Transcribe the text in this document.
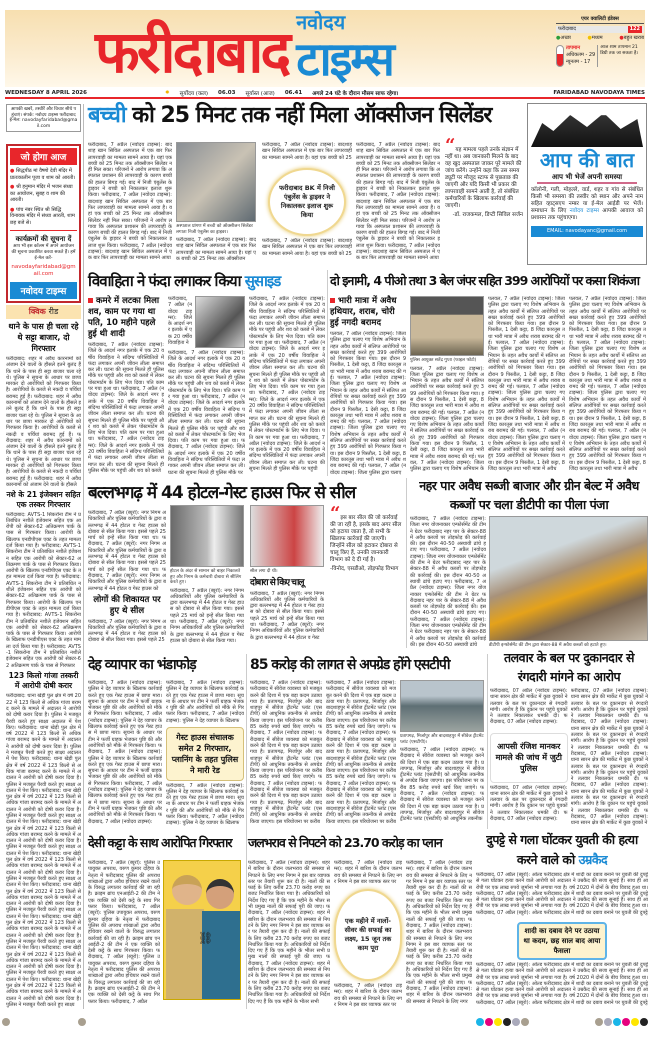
फरीदाबाद नवोदय
टाइम्स
एयर क्वालिटी इंडेक्स
फरीदाबाद	122
●अच्छा	●मध्यम	●बहुत खराब
तापमान
अधिकतम - 29
न्यूनतम - 17
आज शाम तापमान 21 डिग्री तक जा सकता है।
WEDNESDAY 8 APRIL 2026	✹ सूर्योदय (कल) 06.03 सूर्यास्त (आज) 06.41 अगले 24 घंटे के दौरान मौसम साफ रहेगा।	FARIDABAD NAVODAYA TIMES
आपकी खबरें, तस्वीरें और विचार सीधे पहुंचाएं। संपर्क: नवोदय टाइम्स फरीदाबाद
ई-मेल: navodayfaridabad@gmail.com
जो होगा आज
● सिद्धपीठ मां वैष्णो देवी मंदिर में प्रातःकालीन पूजा व शाम को आरती।
● श्री हनुमान मंदिर में भजन संध्या का आयोजन, सुबह व शाम की आरती।
● पांच नंबर स्थित श्री सिद्धि विनायक मंदिर में संध्या आरती, शाम छह बजे से।
कार्यक्रमों की सूचना दें
आप भी इस कॉलम में अपने आयोजन की सूचना प्रकाशित करवा सकते हैं। हमें ई-मेल करें-
navodayfaridabad@gmail.com
नवोदय टाइम्स
क्विक रीड
थाने के पास ही चला रहे थे सट्टा बाजार, दो गिरफ्तार
फरीदाबाद: शहर में अवैध कारनामों को अंजाम देने वालों के हौसले इतने बुलंद हैं कि थाने के पास ही सट्टा बाजार चला रहे थे। पुलिस ने सूचना के आधार पर छापा मारकर दो आरोपियों को गिरफ्तार किया है। आरोपियों के कब्जे से नकदी व पर्चियां बरामद हुई हैं। फरीदाबाद: शहर में अवैध कारनामों को अंजाम देने वालों के हौसले इतने बुलंद हैं कि थाने के पास ही सट्टा बाजार चला रहे थे। पुलिस ने सूचना के आधार पर छापा मारकर दो आरोपियों को गिरफ्तार किया है। आरोपियों के कब्जे से नकदी व पर्चियां बरामद हुई हैं। फरीदाबाद: शहर में अवैध कारनामों को अंजाम देने वालों के हौसले इतने बुलंद हैं कि थाने के पास ही सट्टा बाजार चला रहे थे। पुलिस ने सूचना के आधार पर छापा मारकर दो आरोपियों को गिरफ्तार किया है। आरोपियों के कब्जे से नकदी व पर्चियां बरामद हुई हैं। फरीदाबाद: शहर में अवैध कारनामों को अंजाम देने वालों के हौसले
नशे के 21 इंजेक्शन सहित एक तस्कर गिरफ्तार
फरीदाबाद: AVTS-1 सिकरोना टीम ने प्रतिबंधित नशीले इंजेक्शन सहित एक आरोपी को सेक्टर-62 अतिक्रमण पार्क के पास से गिरफ्तार किया। आरोपी के खिलाफ एनडीपीएस एक्ट के तहत मामला दर्ज किया गया है। फरीदाबाद: AVTS-1 सिकरोना टीम ने प्रतिबंधित नशीले इंजेक्शन सहित एक आरोपी को सेक्टर-62 अतिक्रमण पार्क के पास से गिरफ्तार किया। आरोपी के खिलाफ एनडीपीएस एक्ट के तहत मामला दर्ज किया गया है। फरीदाबाद: AVTS-1 सिकरोना टीम ने प्रतिबंधित नशीले इंजेक्शन सहित एक आरोपी को सेक्टर-62 अतिक्रमण पार्क के पास से गिरफ्तार किया। आरोपी के खिलाफ एनडीपीएस एक्ट के तहत मामला दर्ज किया गया है। फरीदाबाद: AVTS-1 सिकरोना टीम ने प्रतिबंधित नशीले इंजेक्शन सहित एक आरोपी को सेक्टर-62 अतिक्रमण पार्क के पास से गिरफ्तार किया। आरोपी के खिलाफ एनडीपीएस एक्ट के तहत मामला दर्ज किया गया है। फरीदाबाद: AVTS-1 सिकरोना टीम ने प्रतिबंधित नशीले इंजेक्शन सहित एक आरोपी को सेक्टर-62 अतिक्रमण पार्क के पास से गिरफ्तार
123 किलो गांजा तस्करी में आरोपी दोषी करार
फरीदाबाद: थाना खेड़ी पुल क्षेत्र में वर्ष 2022 में 123 किलो से अधिक गांजा बरामद करने के मामले में अदालत ने आरोपी को दोषी करार दिया है। पुलिस ने मजबूत पैरवी करते हुए साक्ष्य अदालत में पेश किए। फरीदाबाद: थाना खेड़ी पुल क्षेत्र में वर्ष 2022 में 123 किलो से अधिक गांजा बरामद करने के मामले में अदालत ने आरोपी को दोषी करार दिया है। पुलिस ने मजबूत पैरवी करते हुए साक्ष्य अदालत में पेश किए। फरीदाबाद: थाना खेड़ी पुल क्षेत्र में वर्ष 2022 में 123 किलो से अधिक गांजा बरामद करने के मामले में अदालत ने आरोपी को दोषी करार दिया है। पुलिस ने मजबूत पैरवी करते हुए साक्ष्य अदालत में पेश किए। फरीदाबाद: थाना खेड़ी पुल क्षेत्र में वर्ष 2022 में 123 किलो से अधिक गांजा बरामद करने के मामले में अदालत ने आरोपी को दोषी करार दिया है। पुलिस ने मजबूत पैरवी करते हुए साक्ष्य अदालत में पेश किए। फरीदाबाद: थाना खेड़ी पुल क्षेत्र में वर्ष 2022 में 123 किलो से अधिक गांजा बरामद करने के मामले में अदालत ने आरोपी को दोषी करार दिया है। पुलिस ने मजबूत पैरवी करते हुए साक्ष्य अदालत में पेश किए। फरीदाबाद: थाना खेड़ी पुल क्षेत्र में वर्ष 2022 में 123 किलो से अधिक गांजा बरामद करने के मामले में अदालत ने आरोपी को दोषी करार दिया है। पुलिस ने मजबूत पैरवी करते हुए साक्ष्य अदालत में पेश किए। फरीदाबाद: थाना खेड़ी पुल क्षेत्र में वर्ष 2022 में 123 किलो से अधिक गांजा बरामद करने के मामले में अदालत ने आरोपी को दोषी करार दिया है। पुलिस ने मजबूत पैरवी करते हुए साक्ष्य अदालत में पेश किए। फरीदाबाद: थाना खेड़ी पुल क्षेत्र में वर्ष 2022 में 123 किलो से अधिक गांजा बरामद करने के मामले में अदालत ने आरोपी को दोषी करार दिया है। पुलिस ने मजबूत पैरवी करते हुए साक्ष्य अदालत में पेश किए। फरीदाबाद: थाना खेड़ी पुल क्षेत्र में वर्ष 2022 में 123 किलो से अधिक गांजा बरामद करने के मामले में अदालत ने आरोपी को दोषी करार दिया है। पुलिस ने मजबूत पैरवी करते हुए साक्ष्य अदालत में पेश किए। फरीदाबाद: थाना खेड़ी पुल क्षेत्र में वर्ष 2022 में 123 किलो से अधिक गांजा बरामद करने के मामले में अदालत ने आरोपी को दोषी करार दिया है। पुलिस ने मजबूत पैरवी करते हुए साक्ष्य
बच्ची को 25 मिनट तक नहीं मिला ऑक्सीजन सिलेंडर
फरीदाबाद, 7 अप्रैल (नवोदय टाइम्स): बादशाह खान सिविल अस्पताल में एक बार फिर लापरवाही का मामला सामने आया है। यहां एक बच्ची को 25 मिनट तक ऑक्सीजन सिलेंडर नहीं मिल सका। परिजनों ने आरोप लगाया कि अस्पताल प्रशासन की लापरवाही के कारण बच्ची की हालत बिगड़ गई। बाद में निजी एंबुलेंस के ड्राइवर ने बच्ची को निकालकर इलाज शुरू किया। फरीदाबाद, 7 अप्रैल (नवोदय टाइम्स): बादशाह खान सिविल अस्पताल में एक बार फिर लापरवाही का मामला सामने आया है। यहां एक बच्ची को 25 मिनट तक ऑक्सीजन सिलेंडर नहीं मिल सका। परिजनों ने आरोप लगाया कि अस्पताल प्रशासन की लापरवाही के कारण बच्ची की हालत बिगड़ गई। बाद में निजी एंबुलेंस के ड्राइवर ने बच्ची को निकालकर इलाज शुरू किया। फरीदाबाद, 7 अप्रैल (नवोदय टाइम्स): बादशाह खान सिविल अस्पताल में एक बार फिर लापरवाही का मामला सामने आया
अस्पताल प्रांगण में बच्ची को ऑक्सीजन सिलेंडर लगाता निजी एंबुलेंस का ड्राइवर।
फरीदाबाद, 7 अप्रैल (नवोदय टाइम्स): बादशाह खान सिविल अस्पताल में एक बार फिर लापरवाही का मामला सामने आया है। यहां एक बच्ची को 25 मिनट तक ऑक्सीजन
फरीदाबाद, 7 अप्रैल (नवोदय टाइम्स): बादशाह खान सिविल अस्पताल में एक बार फिर लापरवाही का मामला सामने आया है। यहां एक बच्ची को 25
फरीदाबाद BK में निजी एंबुलेंस के ड्राइवर ने निकालकर इलाज शुरू किया
फरीदाबाद, 7 अप्रैल (नवोदय टाइम्स): बादशाह खान सिविल अस्पताल में एक बार फिर लापरवाही का मामला सामने आया है। यहां एक बच्ची को 25
फरीदाबाद, 7 अप्रैल (नवोदय टाइम्स): बादशाह खान सिविल अस्पताल में एक बार फिर लापरवाही का मामला सामने आया है। यहां एक बच्ची को 25 मिनट तक ऑक्सीजन सिलेंडर नहीं मिल सका। परिजनों ने आरोप लगाया कि अस्पताल प्रशासन की लापरवाही के कारण बच्ची की हालत बिगड़ गई। बाद में निजी एंबुलेंस के ड्राइवर ने बच्ची को निकालकर इलाज शुरू किया। फरीदाबाद, 7 अप्रैल (नवोदय टाइम्स): बादशाह खान सिविल अस्पताल में एक बार फिर लापरवाही का मामला सामने आया है। यहां एक बच्ची को 25 मिनट तक ऑक्सीजन सिलेंडर नहीं मिल सका। परिजनों ने आरोप लगाया कि अस्पताल प्रशासन की लापरवाही के कारण बच्ची की हालत बिगड़ गई। बाद में निजी एंबुलेंस के ड्राइवर ने बच्ची को निकालकर इलाज शुरू किया। फरीदाबाद, 7 अप्रैल (नवोदय टाइम्स): बादशाह खान सिविल अस्पताल में एक बार फिर लापरवाही का मामला सामने आया
“यह मामला पहले उनके संज्ञान में नहीं था। अब जानकारी मिलने के बाद वह खुद अस्पताल जाकर पूरे मामले की जांच करेंगे। उन्होंने कहा कि उस समय ड्यूटी पर मौजूद स्टाफ से पूछताछ की जाएगी और यदि किसी भी प्रकार की लापरवाही सामने आती है, तो संबंधित कर्मचारियों के खिलाफ कार्रवाई की जाएगी।
-डॉ. राजकमल, डिप्टी सिविल सर्जन
आप की बात
आप भी भेजें अपनी समस्या
कॉलोनी, गली, मोहल्ले, वार्ड, शहर व गांव से संबंधित किसी भी समस्या की तस्वीर को स्थान और अपने नाम सहित व्हाट्सएप नम्बर या ई-मेल आईडी पर भेजें। समाधान के लिए नवोदय टाइम्स आपकी आवाज को प्रशासन तक पहुंचाएगा।
EMAIL: navodayanc@gmail.com
विवाहिता ने फंदा लगाकर किया सुसाइड
कमरे में लटका मिला शव, काम पर गया था पति, 10 महीने पहले हुई थी शादी
फरीदाबाद, 7 अप्रैल (नवोदय टाइम्स): जिले के आदर्श नगर इलाके में एक 20 वर्षीय विवाहिता ने संदिग्ध परिस्थितियों में फंदा लगाकर अपनी जीवन लीला समाप्त कर ली। घटना की सूचना मिलते ही पुलिस मौके पर पहुंची और शव को कब्जे में लेकर पोस्टमार्टम के लिए भेज दिया। पति काम पर गया हुआ था। फरीदाबाद, 7 अप्रैल (नवोदय टाइम्स): जिले के आदर्श नगर इलाके में एक 20 वर्षीय विवाहिता ने संदिग्ध परिस्थितियों में फंदा लगाकर अपनी जीवन लीला समाप्त कर ली। घटना की सूचना मिलते ही पुलिस मौके पर पहुंची और शव को कब्जे में लेकर पोस्टमार्टम के लिए भेज दिया। पति काम पर गया हुआ था। फरीदाबाद, 7 अप्रैल (नवोदय टाइम्स): जिले के आदर्श नगर इलाके में एक 20 वर्षीय विवाहिता ने संदिग्ध परिस्थितियों में फंदा लगाकर अपनी जीवन लीला समाप्त कर ली। घटना की सूचना मिलते ही पुलिस मौके पर पहुंची और शव को कब्जे
फरीदाबाद, 7 अप्रैल (नवोदय टाइम्स): जिले के आदर्श नगर इलाके में एक 20 वर्षीय विवाहिता ने
फरीदाबाद, 7 अप्रैल (नवोदय टाइम्स): जिले के आदर्श नगर इलाके में एक 20 वर्षीय विवाहिता ने संदिग्ध परिस्थितियों में फंदा लगाकर अपनी जीवन लीला समाप्त कर ली। घटना की सूचना मिलते ही पुलिस मौके पर पहुंची और शव को कब्जे में लेकर पोस्टमार्टम के लिए भेज दिया। पति काम पर गया हुआ था। फरीदाबाद, 7 अप्रैल (नवोदय टाइम्स): जिले के आदर्श नगर इलाके में एक 20 वर्षीय विवाहिता ने संदिग्ध परिस्थितियों में फंदा लगाकर अपनी जीवन लीला समाप्त कर ली। घटना की सूचना मिलते ही पुलिस मौके पर पहुंची और शव को कब्जे में लेकर पोस्टमार्टम के लिए भेज दिया। पति काम पर गया हुआ था। फरीदाबाद, 7 अप्रैल (नवोदय टाइम्स): जिले के आदर्श नगर इलाके में एक 20 वर्षीय विवाहिता ने संदिग्ध परिस्थितियों में फंदा लगाकर अपनी जीवन लीला समाप्त कर ली। घटना की सूचना मिलते ही पुलिस मौके पर
फरीदाबाद, 7 अप्रैल (नवोदय टाइम्स): जिले के आदर्श नगर इलाके में एक 20 वर्षीय विवाहिता ने संदिग्ध परिस्थितियों में फंदा लगाकर अपनी जीवन लीला समाप्त कर ली। घटना की सूचना मिलते ही पुलिस मौके पर पहुंची और शव को कब्जे में लेकर पोस्टमार्टम के लिए भेज दिया। पति काम पर गया हुआ था। फरीदाबाद, 7 अप्रैल (नवोदय टाइम्स): जिले के आदर्श नगर इलाके में एक 20 वर्षीय विवाहिता ने संदिग्ध परिस्थितियों में फंदा लगाकर अपनी जीवन लीला समाप्त कर ली। घटना की सूचना मिलते ही पुलिस मौके पर पहुंची और शव को कब्जे में लेकर पोस्टमार्टम के लिए भेज दिया। पति काम पर गया हुआ था। फरीदाबाद, 7 अप्रैल (नवोदय टाइम्स): जिले के आदर्श नगर इलाके में एक 20 वर्षीय विवाहिता ने संदिग्ध परिस्थितियों में फंदा लगाकर अपनी जीवन लीला समाप्त कर ली। घटना की सूचना मिलते ही पुलिस मौके पर पहुंची और शव को कब्जे में लेकर पोस्टमार्टम के लिए भेज दिया। पति काम पर गया हुआ था। फरीदाबाद, 7 अप्रैल (नवोदय टाइम्स): जिले के आदर्श नगर इलाके में एक 20 वर्षीय विवाहिता ने संदिग्ध परिस्थितियों में फंदा लगाकर अपनी जीवन लीला समाप्त कर ली। घटना की सूचना मिलते ही पुलिस मौके पर पहुंची
दो इनामी, 4 पीओ तथा 3 बेल जंपर सहित 399 आरोपियों पर कसा शिकंजा
भारी मात्रा में अवैध हथियार, शराब, चोरी हुई नगदी बरामद
पलवल, 7 अप्रैल (नवोदय टाइम्स): जिला पुलिस द्वारा चलाए गए विशेष अभियान के तहत अवैध कार्यों में संलिप्त आरोपियों पर सख्त कार्रवाई करते हुए 399 आरोपियों को गिरफ्तार किया गया। इस दौरान 9 पिस्तौल, 1 देसी कट्टा, 8 जिंदा कारतूस तथा भारी मात्रा में अवैध शराब बरामद की गई। पलवल, 7 अप्रैल (नवोदय टाइम्स): जिला पुलिस द्वारा चलाए गए विशेष अभियान के तहत अवैध कार्यों में संलिप्त आरोपियों पर सख्त कार्रवाई करते हुए 399 आरोपियों को गिरफ्तार किया गया। इस दौरान 9 पिस्तौल, 1 देसी कट्टा, 8 जिंदा कारतूस तथा भारी मात्रा में अवैध शराब बरामद की गई। पलवल, 7 अप्रैल (नवोदय टाइम्स): जिला पुलिस द्वारा चलाए गए विशेष अभियान के तहत अवैध कार्यों में संलिप्त आरोपियों पर सख्त कार्रवाई करते हुए 399 आरोपियों को गिरफ्तार किया गया। इस दौरान 9 पिस्तौल, 1 देसी कट्टा, 8 जिंदा कारतूस तथा भारी मात्रा में अवैध शराब बरामद की गई। पलवल, 7 अप्रैल (नवोदय टाइम्स): जिला पुलिस द्वारा चलाए
पुलिस आयुक्त सतेंद्र गुप्ता (फाइल फोटो)
पलवल, 7 अप्रैल (नवोदय टाइम्स): जिला पुलिस द्वारा चलाए गए विशेष अभियान के तहत अवैध कार्यों में संलिप्त आरोपियों पर सख्त कार्रवाई करते हुए 399 आरोपियों को गिरफ्तार किया गया। इस दौरान 9 पिस्तौल, 1 देसी कट्टा, 8 जिंदा कारतूस तथा भारी मात्रा में अवैध शराब बरामद की गई। पलवल, 7 अप्रैल (नवोदय टाइम्स): जिला पुलिस द्वारा चलाए गए विशेष अभियान के तहत अवैध कार्यों में संलिप्त आरोपियों पर सख्त कार्रवाई करते हुए 399 आरोपियों को गिरफ्तार किया गया। इस दौरान 9 पिस्तौल, 1 देसी कट्टा, 8 जिंदा कारतूस तथा भारी मात्रा में अवैध शराब बरामद की गई। पलवल, 7 अप्रैल (नवोदय टाइम्स): जिला पुलिस द्वारा चलाए गए विशेष अभियान के
पलवल, 7 अप्रैल (नवोदय टाइम्स): जिला पुलिस द्वारा चलाए गए विशेष अभियान के तहत अवैध कार्यों में संलिप्त आरोपियों पर सख्त कार्रवाई करते हुए 399 आरोपियों को गिरफ्तार किया गया। इस दौरान 9 पिस्तौल, 1 देसी कट्टा, 8 जिंदा कारतूस तथा भारी मात्रा में अवैध शराब बरामद की गई। पलवल, 7 अप्रैल (नवोदय टाइम्स): जिला पुलिस द्वारा चलाए गए विशेष अभियान के तहत अवैध कार्यों में संलिप्त आरोपियों पर सख्त कार्रवाई करते हुए 399 आरोपियों को गिरफ्तार किया गया। इस दौरान 9 पिस्तौल, 1 देसी कट्टा, 8 जिंदा कारतूस तथा भारी मात्रा में अवैध शराब बरामद की गई। पलवल, 7 अप्रैल (नवोदय टाइम्स): जिला पुलिस द्वारा चलाए गए विशेष अभियान के तहत अवैध कार्यों में संलिप्त आरोपियों पर सख्त कार्रवाई करते हुए 399 आरोपियों को गिरफ्तार किया गया। इस दौरान 9 पिस्तौल, 1 देसी कट्टा, 8 जिंदा कारतूस तथा भारी मात्रा में अवैध शराब बरामद की गई। पलवल, 7 अप्रैल (नवोदय टाइम्स): जिला पुलिस द्वारा चलाए गए विशेष अभियान के तहत अवैध कार्यों में संलिप्त आरोपियों पर सख्त कार्रवाई करते हुए 399 आरोपियों को गिरफ्तार किया गया। इस दौरान 9 पिस्तौल, 1 देसी कट्टा, 8 जिंदा कारतूस तथा भारी मात्रा में अवैध
पलवल, 7 अप्रैल (नवोदय टाइम्स): जिला पुलिस द्वारा चलाए गए विशेष अभियान के तहत अवैध कार्यों में संलिप्त आरोपियों पर सख्त कार्रवाई करते हुए 399 आरोपियों को गिरफ्तार किया गया। इस दौरान 9 पिस्तौल, 1 देसी कट्टा, 8 जिंदा कारतूस तथा भारी मात्रा में अवैध शराब बरामद की गई। पलवल, 7 अप्रैल (नवोदय टाइम्स): जिला पुलिस द्वारा चलाए गए विशेष अभियान के तहत अवैध कार्यों में संलिप्त आरोपियों पर सख्त कार्रवाई करते हुए 399 आरोपियों को गिरफ्तार किया गया। इस दौरान 9 पिस्तौल, 1 देसी कट्टा, 8 जिंदा कारतूस तथा भारी मात्रा में अवैध शराब बरामद की गई। पलवल, 7 अप्रैल (नवोदय टाइम्स): जिला पुलिस द्वारा चलाए गए विशेष अभियान के तहत अवैध कार्यों में संलिप्त आरोपियों पर सख्त कार्रवाई करते हुए 399 आरोपियों को गिरफ्तार किया गया। इस दौरान 9 पिस्तौल, 1 देसी कट्टा, 8 जिंदा कारतूस तथा भारी मात्रा में अवैध शराब बरामद की गई। पलवल, 7 अप्रैल (नवोदय टाइम्स): जिला पुलिस द्वारा चलाए गए विशेष अभियान के तहत अवैध कार्यों में संलिप्त आरोपियों पर सख्त कार्रवाई करते हुए 399 आरोपियों को गिरफ्तार किया गया। इस दौरान 9 पिस्तौल, 1 देसी कट्टा, 8 जिंदा कारतूस तथा भारी मात्रा में अवैध
बल्लभगढ़ में 44 होटल-गेस्ट हाउस फिर से सील
फरीदाबाद, 7 अप्रैल (ब्यूरो): नगर निगम अधिकारियों और पुलिस कर्मचारियों के द्वारा बल्लभगढ़ में 44 होटल व गेस्ट हाउस को दोबारा से सील किया गया। इससे पहले 25 मार्च को इन्हें सील किया गया था। फरीदाबाद, 7 अप्रैल (ब्यूरो): नगर निगम अधिकारियों और पुलिस कर्मचारियों के द्वारा बल्लभगढ़ में 44 होटल व गेस्ट हाउस को दोबारा से सील किया गया। इससे पहले 25 मार्च को इन्हें सील किया गया था। फरीदाबाद, 7 अप्रैल (ब्यूरो): नगर निगम अधिकारियों और पुलिस कर्मचारियों के द्वारा बल्लभगढ़ में 44 होटल व गेस्ट हाउस को
लोगों की शिकायत पर हुए थे सील
फरीदाबाद, 7 अप्रैल (ब्यूरो): नगर निगम अधिकारियों और पुलिस कर्मचारियों के द्वारा बल्लभगढ़ में 44 होटल व गेस्ट हाउस को दोबारा से सील किया गया। इससे पहले 25
होटल के अंदर से सामान को बाहर निकालते हुए और निगम के कर्मचारी दोबारा से सीलिंग करते हुए।
फरीदाबाद, 7 अप्रैल (ब्यूरो): नगर निगम अधिकारियों और पुलिस कर्मचारियों के द्वारा बल्लभगढ़ में 44 होटल व गेस्ट हाउस को दोबारा से सील किया गया। इससे पहले 25 मार्च को इन्हें सील किया गया था। फरीदाबाद, 7 अप्रैल (ब्यूरो): नगर निगम अधिकारियों और पुलिस कर्मचारियों के द्वारा बल्लभगढ़ में 44 होटल व गेस्ट हाउस को दोबारा से सील किया गया।
सील लगा दी थी।
दोबारा से किए चालू
फरीदाबाद, 7 अप्रैल (ब्यूरो): नगर निगम अधिकारियों और पुलिस कर्मचारियों के द्वारा बल्लभगढ़ में 44 होटल व गेस्ट हाउस को दोबारा से सील किया गया। इससे पहले 25 मार्च को इन्हें सील किया गया था। फरीदाबाद, 7 अप्रैल (ब्यूरो): नगर निगम अधिकारियों और पुलिस कर्मचारियों के द्वारा बल्लभगढ़ में 44 होटल व गेस्ट
“इस बार सील की जो कार्रवाई की जा रही है, इसके बाद अगर सील को हटाया जाता है, तो सभी के खिलाफ कार्रवाई की जाएगी। जिन्होंने सील को हटाकर दोबारा से चालू किए हैं, उनकी जानकारी विभाग को दे दी गई है।
-विनोद, एसडीओ, तोड़फोड़ विभाग
नहर पार अवैध सब्जी बाजार और ग्रीन बेल्ट में अवैध कब्जों पर चला डीटीपी का पीला पंजा
फरीदाबाद, 7 अप्रैल (नवोदय टाइम्स): जिला नगर योजनाकार एन्फोर्समेंट की टीम ने ग्रेटर फरीदाबाद नहर पार के सेक्टर-88 में अवैध कब्जों पर तोड़फोड़ की कार्रवाई की। इस दौरान 40-50 अस्थायी ढांचे हटाए गए। फरीदाबाद, 7 अप्रैल (नवोदय टाइम्स): जिला नगर योजनाकार एन्फोर्समेंट की टीम ने ग्रेटर फरीदाबाद नहर पार के सेक्टर-88 में अवैध कब्जों पर तोड़फोड़ की कार्रवाई की। इस दौरान 40-50 अस्थायी ढांचे हटाए गए। फरीदाबाद, 7 अप्रैल (नवोदय टाइम्स): जिला नगर योजनाकार एन्फोर्समेंट की टीम ने ग्रेटर फरीदाबाद नहर पार के सेक्टर-88 में अवैध कब्जों पर तोड़फोड़ की कार्रवाई की। इस दौरान 40-50 अस्थायी ढांचे हटाए गए। फरीदाबाद, 7 अप्रैल (नवोदय टाइम्स): जिला नगर योजनाकार एन्फोर्समेंट की टीम ने ग्रेटर फरीदाबाद नहर पार के सेक्टर-88 में अवैध कब्जों पर तोड़फोड़ की कार्रवाई की। इस दौरान 40-50 अस्थायी ढांचे	डीटीपी इन्फोर्समेंट की टीम द्वारा सेक्टर-88 में अवैध कब्जों को हटाते हुए।
देह व्यापार का भंडाफोड़
फरीदाबाद, 7 अप्रैल (नवोदय टाइम्स): पुलिस ने देह व्यापार के खिलाफ कार्रवाई करते हुए एक गेस्ट हाउस में छापा मारा। सूचना के आधार पर टीम ने फर्जी ग्राहक भेजकर पुष्टि की और आरोपियों को मौके से गिरफ्तार किया। फरीदाबाद, 7 अप्रैल (नवोदय टाइम्स): पुलिस ने देह व्यापार के खिलाफ कार्रवाई करते हुए एक गेस्ट हाउस में छापा मारा। सूचना के आधार पर टीम ने फर्जी ग्राहक भेजकर पुष्टि की और आरोपियों को मौके से गिरफ्तार किया। फरीदाबाद, 7 अप्रैल (नवोदय टाइम्स): पुलिस ने देह व्यापार के खिलाफ कार्रवाई करते हुए एक गेस्ट हाउस में छापा मारा। सूचना के आधार पर टीम ने फर्जी ग्राहक भेजकर पुष्टि की और आरोपियों को मौके से गिरफ्तार किया। फरीदाबाद, 7 अप्रैल (नवोदय टाइम्स): पुलिस ने देह व्यापार के खिलाफ कार्रवाई करते हुए एक गेस्ट हाउस में छापा मारा। सूचना के आधार पर टीम ने फर्जी ग्राहक भेजकर पुष्टि की और आरोपियों को मौके से गिरफ्तार किया। फरीदाबाद, 7 अप्रैल (नवोदय टाइम्स):
फरीदाबाद, 7 अप्रैल (नवोदय टाइम्स): पुलिस ने देह व्यापार के खिलाफ कार्रवाई करते हुए एक गेस्ट हाउस में छापा मारा। सूचना के आधार पर टीम ने फर्जी ग्राहक भेजकर पुष्टि की और आरोपियों को मौके से गिरफ्तार किया। फरीदाबाद, 7 अप्रैल (नवोदय टाइम्स): पुलिस ने देह व्यापार के खिलाफ
गेस्ट हाउस संचालक समेत 2 गिरफ्तार, प्लानिंग के तहत पुलिस ने मारी रेड
फरीदाबाद, 7 अप्रैल (नवोदय टाइम्स): पुलिस ने देह व्यापार के खिलाफ कार्रवाई करते हुए एक गेस्ट हाउस में छापा मारा। सूचना के आधार पर टीम ने फर्जी ग्राहक भेजकर पुष्टि की और आरोपियों को मौके से गिरफ्तार किया। फरीदाबाद, 7 अप्रैल (नवोदय टाइम्स): पुलिस ने देह व्यापार के खिलाफ
85 करोड़ की लागत से अपग्रेड होंगे एसटीपी
फरीदाबाद, 7 अप्रैल (नवोदय टाइम्स): फरीदाबाद में सीवेज व्यवस्था को मजबूत करने की दिशा में एक बड़ा कदम उठाया गया है। प्रतापगढ़, मिर्जापुर और बादशाहपुर में सीवेज ट्रीटमेंट प्लांट (एसटीपी) को आधुनिक तकनीक से अपग्रेड किया जाएगा। इस परियोजना पर करीब 85 करोड़ रुपये खर्च किए जाएंगे। फरीदाबाद, 7 अप्रैल (नवोदय टाइम्स): फरीदाबाद में सीवेज व्यवस्था को मजबूत करने की दिशा में एक बड़ा कदम उठाया गया है। प्रतापगढ़, मिर्जापुर और बादशाहपुर में सीवेज ट्रीटमेंट प्लांट (एसटीपी) को आधुनिक तकनीक से अपग्रेड किया जाएगा। इस परियोजना पर करीब 85 करोड़ रुपये खर्च किए जाएंगे। फरीदाबाद, 7 अप्रैल (नवोदय टाइम्स): फरीदाबाद में सीवेज व्यवस्था को मजबूत करने की दिशा में एक बड़ा कदम उठाया गया है। प्रतापगढ़, मिर्जापुर और बादशाहपुर में सीवेज ट्रीटमेंट प्लांट (एसटीपी) को आधुनिक तकनीक से अपग्रेड किया जाएगा। इस परियोजना पर करीब
फरीदाबाद, 7 अप्रैल (नवोदय टाइम्स): फरीदाबाद में सीवेज व्यवस्था को मजबूत करने की दिशा में एक बड़ा कदम उठाया गया है। प्रतापगढ़, मिर्जापुर और बादशाहपुर में सीवेज ट्रीटमेंट प्लांट (एसटीपी) को आधुनिक तकनीक से अपग्रेड किया जाएगा। इस परियोजना पर करीब 85 करोड़ रुपये खर्च किए जाएंगे। फरीदाबाद, 7 अप्रैल (नवोदय टाइम्स): फरीदाबाद में सीवेज व्यवस्था को मजबूत करने की दिशा में एक बड़ा कदम उठाया गया है। प्रतापगढ़, मिर्जापुर और बादशाहपुर में सीवेज ट्रीटमेंट प्लांट (एसटीपी) को आधुनिक तकनीक से अपग्रेड किया जाएगा। इस परियोजना पर करीब 85 करोड़ रुपये खर्च किए जाएंगे। फरीदाबाद, 7 अप्रैल (नवोदय टाइम्स): फरीदाबाद में सीवेज व्यवस्था को मजबूत करने की दिशा में एक बड़ा कदम उठाया गया है। प्रतापगढ़, मिर्जापुर और बादशाहपुर में सीवेज ट्रीटमेंट प्लांट (एसटीपी) को आधुनिक तकनीक से अपग्रेड किया जाएगा। इस परियोजना पर करीब
प्रतापगढ़, मिर्जापुर और बादशाहपुर में सीवेज ट्रीटमेंट प्लांट (एसटीपी)।
फरीदाबाद, 7 अप्रैल (नवोदय टाइम्स): फरीदाबाद में सीवेज व्यवस्था को मजबूत करने की दिशा में एक बड़ा कदम उठाया गया है। प्रतापगढ़, मिर्जापुर और बादशाहपुर में सीवेज ट्रीटमेंट प्लांट (एसटीपी) को आधुनिक तकनीक से अपग्रेड किया जाएगा। इस परियोजना पर करीब 85 करोड़ रुपये खर्च किए जाएंगे। फरीदाबाद, 7 अप्रैल (नवोदय टाइम्स): फरीदाबाद में सीवेज व्यवस्था को मजबूत करने की दिशा में एक बड़ा कदम उठाया गया है। प्रतापगढ़, मिर्जापुर और बादशाहपुर में सीवेज ट्रीटमेंट प्लांट (एसटीपी) को आधुनिक तकनीक
तलवार के बल पर दुकानदार से रंगदारी मांगने का आरोप
फरीदाबाद, 07 अप्रैल (नवोदय टाइम्स): थाना सारन क्षेत्र की मार्केट में कुछ युवकों ने तलवार के बल पर दुकानदार से रंगदारी मांगी। आरोप है कि दुकान पर पहुंचे युवकों ने तलवार निकालकर धमकी दी। फरीदाबाद, 07 अप्रैल (नवोदय टाइम्स):
आपसी रंजिश मानकर मामले की जांच में जुटी पुलिस
फरीदाबाद, 07 अप्रैल (नवोदय टाइम्स): थाना सारन क्षेत्र की मार्केट में कुछ युवकों ने तलवार के बल पर दुकानदार से रंगदारी मांगी। आरोप है कि दुकान पर पहुंचे युवकों ने तलवार निकालकर धमकी दी। फरीदाबाद, 07 अप्रैल (नवोदय टाइम्स):
फरीदाबाद, 07 अप्रैल (नवोदय टाइम्स): थाना सारन क्षेत्र की मार्केट में कुछ युवकों ने तलवार के बल पर दुकानदार से रंगदारी मांगी। आरोप है कि दुकान पर पहुंचे युवकों ने तलवार निकालकर धमकी दी। फरीदाबाद, 07 अप्रैल (नवोदय टाइम्स): थाना सारन क्षेत्र की मार्केट में कुछ युवकों ने तलवार के बल पर दुकानदार से रंगदारी मांगी। आरोप है कि दुकान पर पहुंचे युवकों ने तलवार निकालकर धमकी दी। फरीदाबाद, 07 अप्रैल (नवोदय टाइम्स): थाना सारन क्षेत्र की मार्केट में कुछ युवकों ने तलवार के बल पर दुकानदार से रंगदारी मांगी। आरोप है कि दुकान पर पहुंचे युवकों ने तलवार निकालकर धमकी दी। फरीदाबाद, 07 अप्रैल (नवोदय टाइम्स): थाना सारन क्षेत्र की मार्केट में कुछ युवकों ने तलवार के बल पर दुकानदार से रंगदारी मांगी। आरोप है कि दुकान पर पहुंचे युवकों ने तलवार निकालकर धमकी दी। फरीदाबाद, 07 अप्रैल (नवोदय टाइम्स): थाना सारन क्षेत्र की मार्केट में कुछ युवकों ने
देसी कट्टा के साथ आरोपित गिरफ्तार
फरीदाबाद, 7 अप्रैल (ब्यूरो): पुलिस उपायुक्त अपराध, वरुण कुमार दहिया के नेतृत्व में फरीदाबाद पुलिस की अपराध शाखाओं द्वारा अवैध हथियार रखने वालों के विरुद्ध लगातार कार्रवाई की जा रही है। क्राइम ब्रांच एनआईटी-2 की टीम ने एक व्यक्ति को देसी कट्टे के साथ गिरफ्तार किया। फरीदाबाद, 7 अप्रैल (ब्यूरो): पुलिस उपायुक्त अपराध, वरुण कुमार दहिया के नेतृत्व में फरीदाबाद पुलिस की अपराध शाखाओं द्वारा अवैध हथियार रखने वालों के विरुद्ध लगातार कार्रवाई की जा रही है। क्राइम ब्रांच एनआईटी-2 की टीम ने एक व्यक्ति को देसी कट्टे के साथ गिरफ्तार किया। फरीदाबाद, 7 अप्रैल (ब्यूरो): पुलिस उपायुक्त अपराध, वरुण कुमार दहिया के नेतृत्व में फरीदाबाद पुलिस की अपराध शाखाओं द्वारा अवैध हथियार रखने वालों के विरुद्ध लगातार कार्रवाई की जा रही है। क्राइम ब्रांच एनआईटी-2 की टीम ने एक व्यक्ति को देसी कट्टे के साथ गिरफ्तार किया। फरीदाबाद, 7 अप्रैल
⛓
जलभराव से निपटने को 23.70 करोड़ का प्लान
फरीदाबाद, 7 अप्रैल (नवोदय टाइम्स): शहर में बारिश के दौरान जलभराव की समस्या से निपटने के लिए नगर निगम ने इस बार व्यापक स्तर पर तैयारी शुरू कर दी है। नालों की सफाई के लिए करीब 23.70 करोड़ रुपए का बजट निर्धारित किया गया है। अधिकारियों को निर्देश दिए गए हैं कि एक महीने के भीतर सभी प्रमुख नालों की सफाई पूरी की जाए। फरीदाबाद, 7 अप्रैल (नवोदय टाइम्स): शहर में बारिश के दौरान जलभराव की समस्या से निपटने के लिए नगर निगम ने इस बार व्यापक स्तर पर तैयारी शुरू कर दी है। नालों की सफाई के लिए करीब 23.70 करोड़ रुपए का बजट निर्धारित किया गया है। अधिकारियों को निर्देश दिए गए हैं कि एक महीने के भीतर सभी प्रमुख नालों की सफाई पूरी की जाए। फरीदाबाद, 7 अप्रैल (नवोदय टाइम्स): शहर में बारिश के दौरान जलभराव की समस्या से निपटने के लिए नगर निगम ने इस बार व्यापक स्तर पर तैयारी शुरू कर दी है। नालों की सफाई के लिए करीब 23.70 करोड़ रुपए का बजट निर्धारित किया गया है। अधिकारियों को निर्देश दिए गए हैं कि एक महीने के भीतर सभी
फरीदाबाद, 7 अप्रैल (नवोदय टाइम्स): शहर में बारिश के दौरान जलभराव की समस्या से निपटने के लिए नगर निगम ने इस बार व्यापक स्तर पर
एक महीने में नालों-सीवर की सफाई का लक्ष्य, 15 जून तक काम पूरा
फरीदाबाद, 7 अप्रैल (नवोदय टाइम्स): शहर में बारिश के दौरान जलभराव की समस्या से निपटने के लिए नगर निगम ने इस बार व्यापक स्तर पर
फरीदाबाद, 7 अप्रैल (नवोदय टाइम्स): शहर में बारिश के दौरान जलभराव की समस्या से निपटने के लिए नगर निगम ने इस बार व्यापक स्तर पर तैयारी शुरू कर दी है। नालों की सफाई के लिए करीब 23.70 करोड़ रुपए का बजट निर्धारित किया गया है। अधिकारियों को निर्देश दिए गए हैं कि एक महीने के भीतर सभी प्रमुख नालों की सफाई पूरी की जाए। फरीदाबाद, 7 अप्रैल (नवोदय टाइम्स): शहर में बारिश के दौरान जलभराव की समस्या से निपटने के लिए नगर निगम ने इस बार व्यापक स्तर पर तैयारी शुरू कर दी है। नालों की सफाई के लिए करीब 23.70 करोड़ रुपए का बजट निर्धारित किया गया है। अधिकारियों को निर्देश दिए गए हैं कि एक महीने के भीतर सभी प्रमुख नालों की सफाई पूरी की जाए। फरीदाबाद, 7 अप्रैल (नवोदय टाइम्स): शहर में बारिश के दौरान जलभराव की समस्या से निपटने के लिए नगर
दुपट्टे से गला घोंटकर युवती की हत्या करने वाले को उम्रकैद
फरीदाबाद, 07 अप्रैल (ब्यूरो): ओल्ड फरीदाबाद क्षेत्र में शादी का दबाव बनाने पर युवती की दुपट्टे से गला घोंटकर हत्या करने वाले आरोपी को अदालत ने उम्रकैद की सजा सुनाई है। साथ ही आरोपी पर एक लाख रुपये जुर्माना भी लगाया गया है। वर्ष 2020 में दोनों के बीच विवाद हुआ था। फरीदाबाद, 07 अप्रैल (ब्यूरो): ओल्ड फरीदाबाद क्षेत्र में शादी का दबाव बनाने पर युवती की दुपट्टे से गला घोंटकर हत्या करने वाले आरोपी को अदालत ने उम्रकैद की सजा सुनाई है। साथ ही आरोपी पर एक लाख रुपये जुर्माना भी लगाया गया है। वर्ष 2020 में दोनों के बीच विवाद हुआ था। फरीदाबाद, 07 अप्रैल (ब्यूरो): ओल्ड फरीदाबाद क्षेत्र में शादी का दबाव बनाने पर युवती की दुपट्टे
शादी का दबाव देने पर उठाया था कदम, छह साल बाद आया फैसला
फरीदाबाद, 07 अप्रैल (ब्यूरो): ओल्ड फरीदाबाद क्षेत्र में शादी का दबाव बनाने पर युवती की दुपट्टे से गला घोंटकर हत्या करने वाले आरोपी को अदालत ने उम्रकैद की सजा सुनाई है। साथ ही आरोपी पर एक लाख रुपये जुर्माना भी लगाया गया है। वर्ष 2020 में दोनों के बीच विवाद हुआ था। फरीदाबाद, 07 अप्रैल (ब्यूरो): ओल्ड फरीदाबाद क्षेत्र में शादी का दबाव बनाने पर युवती की दुपट्टे से गला घोंटकर हत्या करने वाले आरोपी को अदालत ने उम्रकैद की सजा सुनाई है। साथ ही आरोपी पर एक लाख रुपये जुर्माना भी लगाया गया है। वर्ष 2020 में दोनों के बीच विवाद हुआ था। फरीदाबाद, 07 अप्रैल (ब्यूरो): ओल्ड फरीदाबाद क्षेत्र में शादी का दबाव बनाने पर युवती की दुपट्टे
